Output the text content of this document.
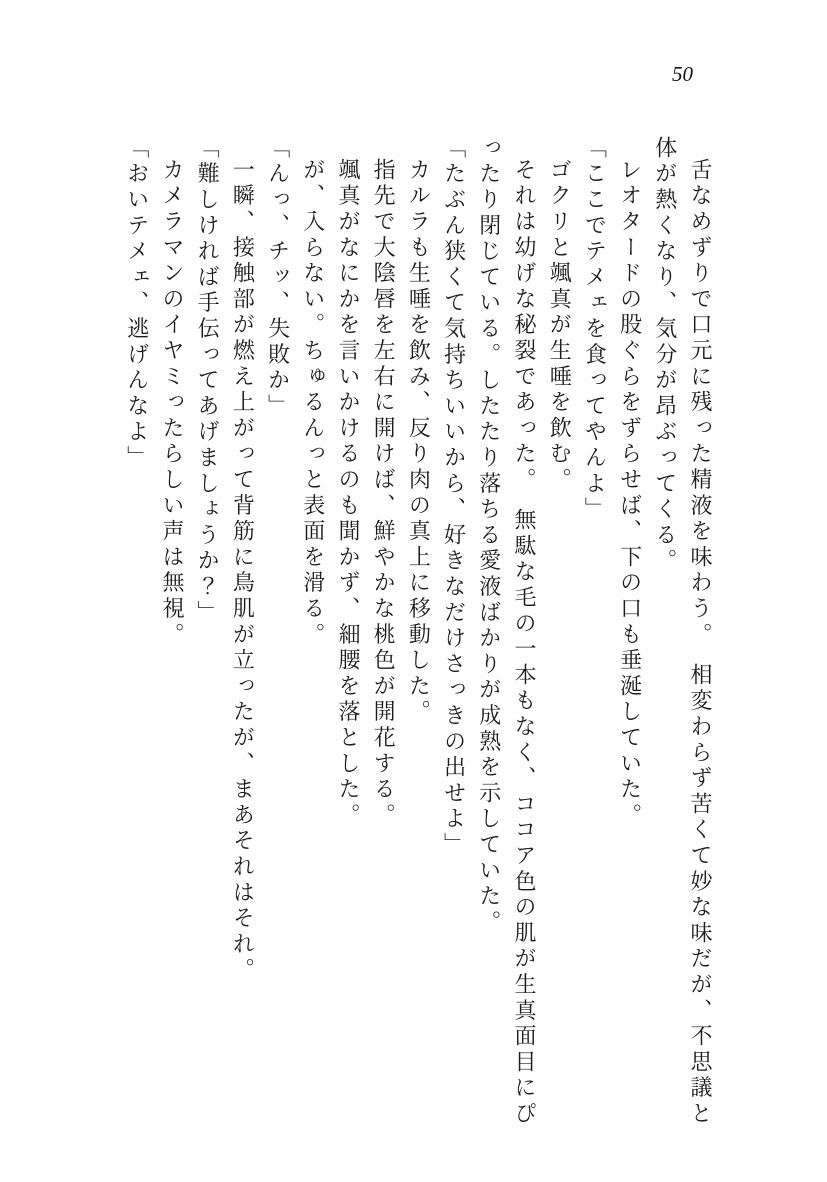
50

舌なめずりで口元に残った精液を味わう。　相変わらず苦くて妙な味だが、不思議と体が熱くなり、気分が昂ぶってくる。

レオタードの股ぐらをずらせば、下の口も垂涎していた。

「ここでテメェを食ってやんよ」

ゴクリと颯真が生唾を飲む。

それは幼げな秘裂であった。　無駄な毛の一本もなく、ココア色の肌が生真面目にぴったり閉じている。したたり落ちる愛液ばかりが成熟を示していた。

「たぶん狭くて気持ちいいから、好きなだけさっきの出せよ」

カルラも生唾を飲み、反り肉の真上に移動した。

指先で大陰唇を左右に開けば、鮮やかな桃色が開花する。

颯真がなにかを言いかけるのも聞かず、細腰を落とした。

が、入らない。ちゅるんっと表面を滑る。

「んっ、チッ、失敗か」

一瞬、接触部が燃え上がって背筋に鳥肌が立ったが、まあそれはそれ。

「難しければ手伝ってあげましょうか？」

カメラマンのイヤミったらしい声は無視。

「おいテメェ、逃げんなよ」
